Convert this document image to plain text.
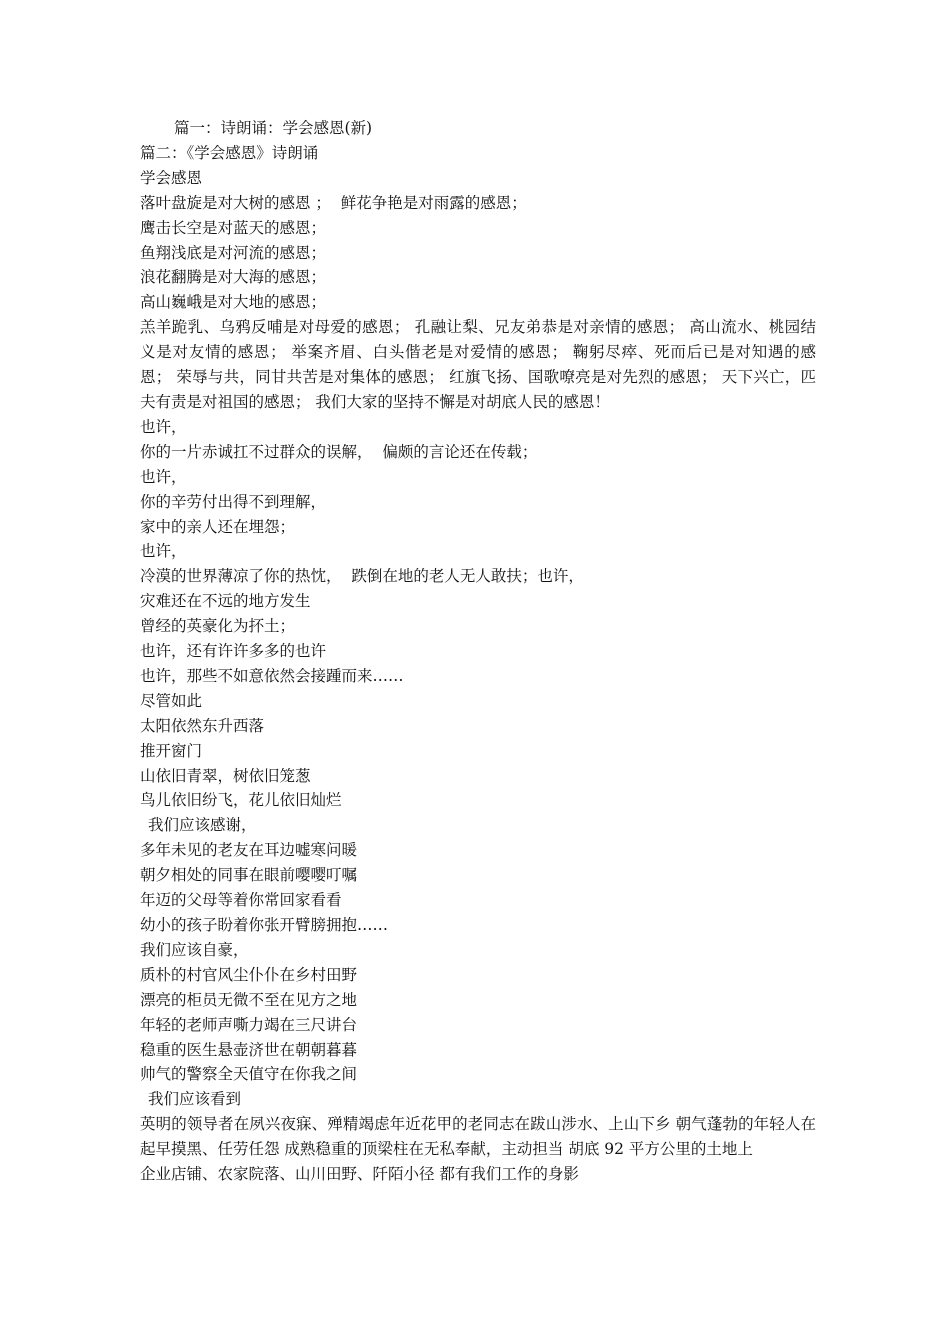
篇一：诗朗诵：学会感恩(新)
篇二：《学会感恩》诗朗诵
学会感恩
落叶盘旋是对大树的感恩 ；  鲜花争艳是对雨露的感恩；
鹰击长空是对蓝天的感恩；
鱼翔浅底是对河流的感恩；
浪花翻腾是对大海的感恩；
高山巍峨是对大地的感恩；
羔羊跪乳、乌鸦反哺是对母爱的感恩； 孔融让梨、兄友弟恭是对亲情的感恩； 高山流水、桃园结义是对友情的感恩； 举案齐眉、白头偕老是对爱情的感恩； 鞠躬尽瘁、死而后已是对知遇的感恩； 荣辱与共，同甘共苦是对集体的感恩； 红旗飞扬、国歌嘹亮是对先烈的感恩； 天下兴亡，匹夫有责是对祖国的感恩； 我们大家的坚持不懈是对胡底人民的感恩！
也许，
你的一片赤诚扛不过群众的误解，  偏颇的言论还在传载；
也许，
你的辛劳付出得不到理解，
家中的亲人还在埋怨；
也许，
冷漠的世界薄凉了你的热忱，  跌倒在地的老人无人敢扶；也许，
灾难还在不远的地方发生
曾经的英豪化为抔土；
也许，还有许许多多的也许
也许，那些不如意依然会接踵而来……
尽管如此
太阳依然东升西落
推开窗门
山依旧青翠，树依旧笼葱
鸟儿依旧纷飞，花儿依旧灿烂
我们应该感谢，
多年未见的老友在耳边嘘寒问暖
朝夕相处的同事在眼前嘤嘤叮嘱
年迈的父母等着你常回家看看
幼小的孩子盼着你张开臂膀拥抱……
我们应该自豪，
质朴的村官风尘仆仆在乡村田野
漂亮的柜员无微不至在见方之地
年轻的老师声嘶力竭在三尺讲台
稳重的医生悬壶济世在朝朝暮暮
帅气的警察全天值守在你我之间
我们应该看到
英明的领导者在夙兴夜寐、殚精竭虑年近花甲的老同志在跋山涉水、上山下乡 朝气蓬勃的年轻人在起早摸黑、任劳任怨 成熟稳重的顶梁柱在无私奉献，主动担当 胡底 92 平方公里的土地上
企业店铺、农家院落、山川田野、阡陌小径 都有我们工作的身影
